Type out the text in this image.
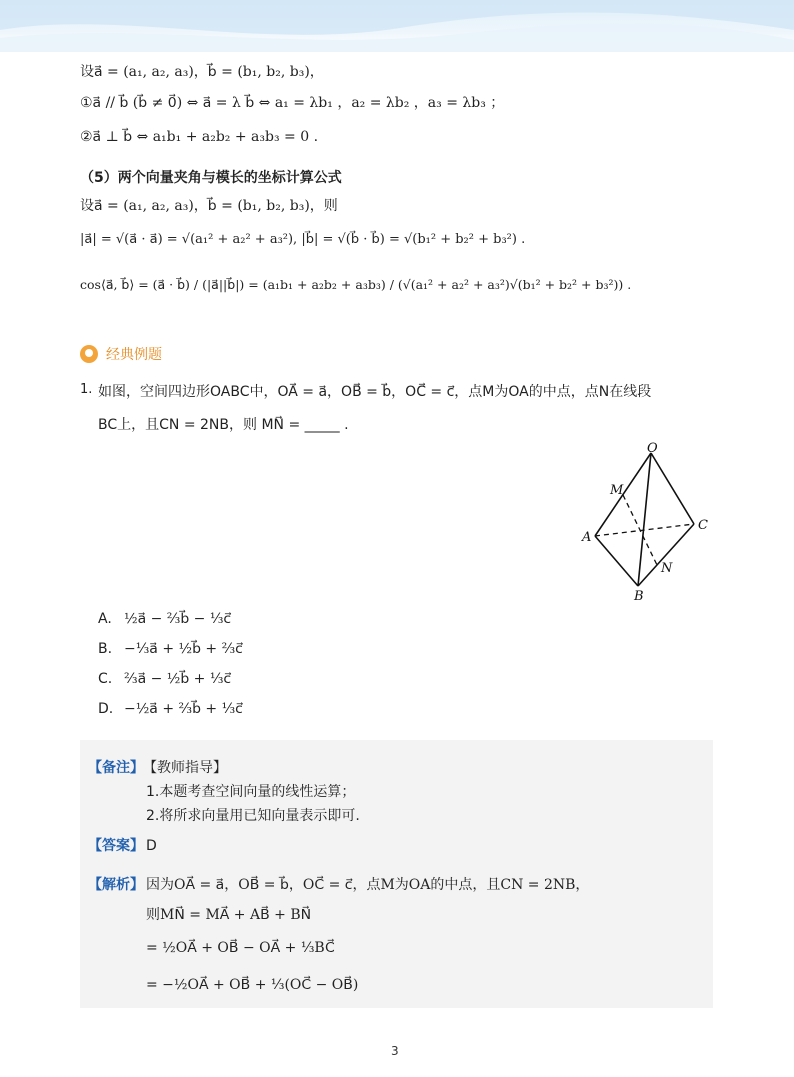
设a⃗ = (a₁, a₂, a₃)，b⃗ = (b₁, b₂, b₃)，
①a⃗ // b⃗ (b⃗ ≠ 0⃗) ⇔ a⃗ = λ b⃗ ⇔ a₁ = λb₁ ，a₂ = λb₂ ，a₃ = λb₃ ；
②a⃗ ⊥ b⃗ ⇔ a₁b₁ + a₂b₂ + a₃b₃ = 0 .
（5）两个向量夹角与模长的坐标计算公式
设a⃗ = (a₁, a₂, a₃)，b⃗ = (b₁, b₂, b₃)，则
|a⃗| = √(a⃗ · a⃗) = √(a₁² + a₂² + a₃²), |b⃗| = √(b⃗ · b⃗) = √(b₁² + b₂² + b₃²) .
cos⟨a⃗, b⃗⟩ = (a⃗ · b⃗) / (|a⃗||b⃗|) = (a₁b₁ + a₂b₂ + a₃b₃) / (√(a₁² + a₂² + a₃²)√(b₁² + b₂² + b₃²)) .
经典例题
1. 如图，空间四边形OABC中，OA⃗ = a⃗，OB⃗ = b⃗，OC⃗ = c⃗，点M为OA的中点，点N在线段
BC上，且CN = 2NB，则 MN⃗ = _____ .
O
M
A
C
N
B
A. ½a⃗ − ⅔b⃗ − ⅓c⃗
B. −⅓a⃗ + ½b⃗ + ⅔c⃗
C. ⅔a⃗ − ½b⃗ + ⅓c⃗
D. −½a⃗ + ⅔b⃗ + ⅓c⃗
【备注】 【教师指导】
1.本题考查空间向量的线性运算；
2.将所求向量用已知向量表示即可.
【答案】 D
【解析】 因为OA⃗ = a⃗，OB⃗ = b⃗，OC⃗ = c⃗，点M为OA的中点，且CN = 2NB，
则MN⃗ = MA⃗ + AB⃗ + BN⃗
= ½OA⃗ + OB⃗ − OA⃗ + ⅓BC⃗
= −½OA⃗ + OB⃗ + ⅓(OC⃗ − OB⃗)
3
